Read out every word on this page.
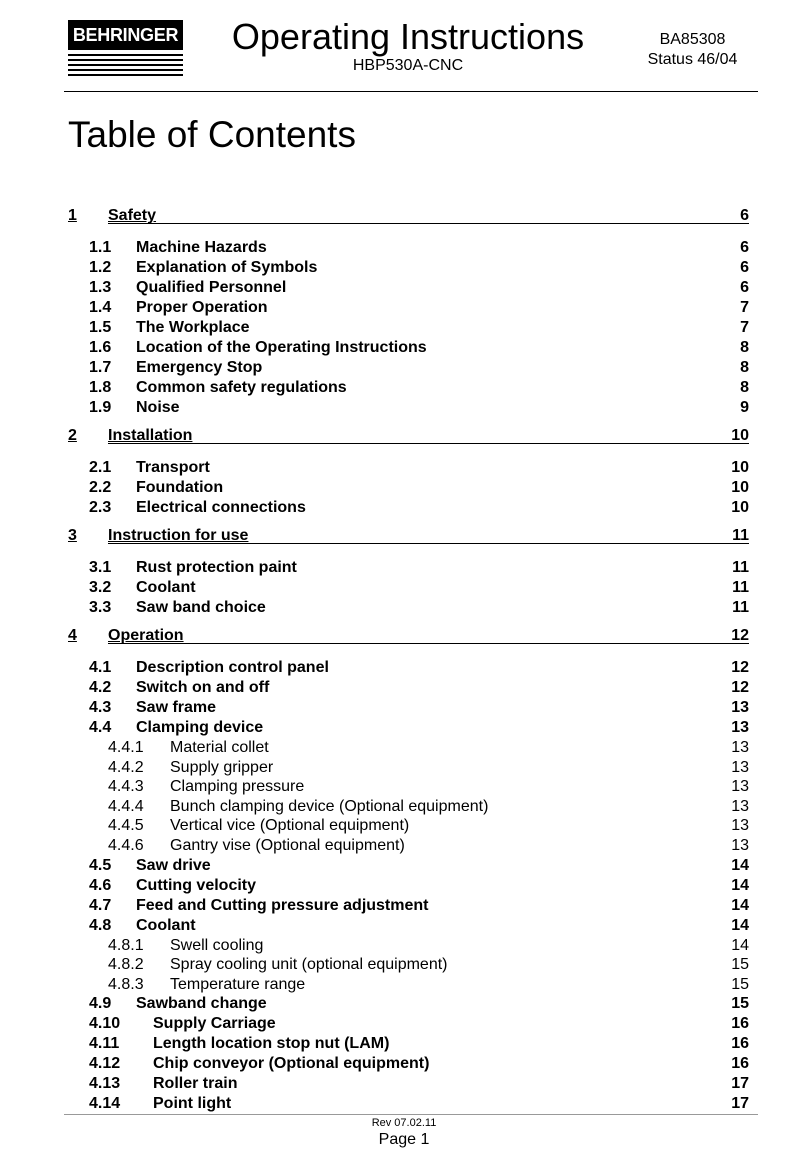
BEHRINGER	Operating Instructions
HBP530A-CNC
BA85308
Status 46/04
Table of Contents
1 Safety	6
1.1 Machine Hazards	6
1.2 Explanation of Symbols	6
1.3 Qualified Personnel	6
1.4 Proper Operation	7
1.5 The Workplace	7
1.6 Location of the Operating Instructions	8
1.7 Emergency Stop	8
1.8 Common safety regulations	8
1.9 Noise	9
2 Installation	10
2.1 Transport	10
2.2 Foundation	10
2.3 Electrical connections	10
3 Instruction for use	11
3.1 Rust protection paint	11
3.2 Coolant	11
3.3 Saw band choice	11
4 Operation	12
4.1 Description control panel	12
4.2 Switch on and off	12
4.3 Saw frame	13
4.4 Clamping device	13
4.4.1 Material collet	13
4.4.2 Supply gripper	13
4.4.3 Clamping pressure	13
4.4.4 Bunch clamping device (Optional equipment)	13
4.4.5 Vertical vice (Optional equipment)	13
4.4.6 Gantry vise (Optional equipment)	13
4.5 Saw drive	14
4.6 Cutting velocity	14
4.7 Feed and Cutting pressure adjustment	14
4.8 Coolant	14
4.8.1 Swell cooling	14
4.8.2 Spray cooling unit (optional equipment)	15
4.8.3 Temperature range	15
4.9 Sawband change	15
4.10 Supply Carriage	16
4.11 Length location stop nut (LAM)	16
4.12 Chip conveyor (Optional equipment)	16
4.13 Roller train	17
4.14 Point light	17
Rev 07.02.11
Page 1
